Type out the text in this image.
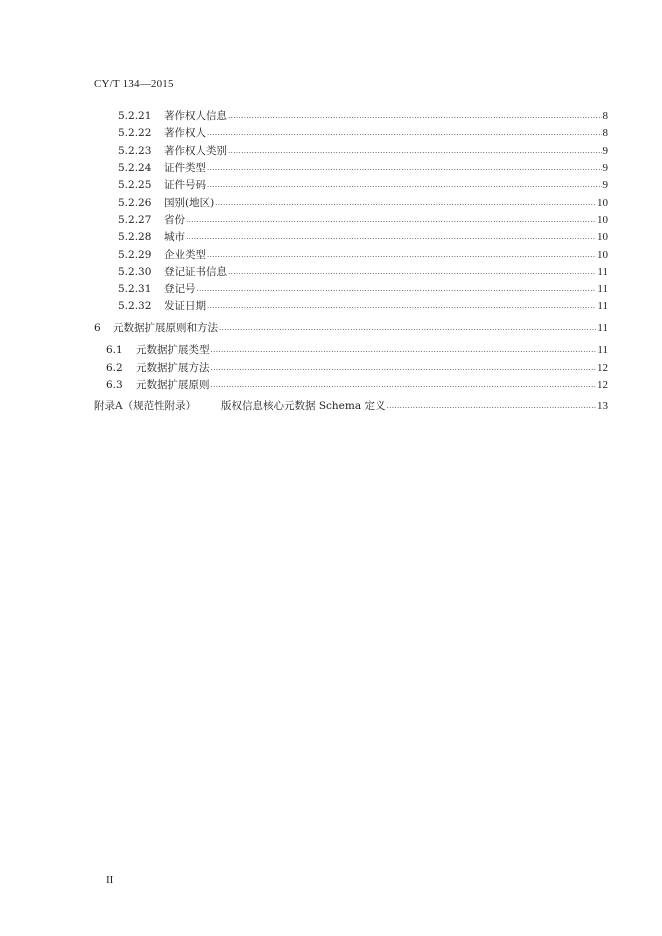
CY/T 134—2015
5.2.21	著作权人信息 .....	8
5.2.22	著作权人 .....	8
5.2.23	著作权人类别 .....	9
5.2.24	证件类型 .....	9
5.2.25	证件号码 .....	9
5.2.26	国别(地区) .....	10
5.2.27	省份 .....	10
5.2.28	城市 .....	10
5.2.29	企业类型 .....	10
5.2.30	登记证书信息 .....	11
5.2.31	登记号 .....	11
5.2.32	发证日期 .....	11
6	元数据扩展原则和方法 .....	11
6.1	元数据扩展类型 .....	11
6.2	元数据扩展方法 .....	12
6.3	元数据扩展原则 .....	12
附录A（规范性附录）	版权信息核心元数据 Schema 定义 .....	13
II
